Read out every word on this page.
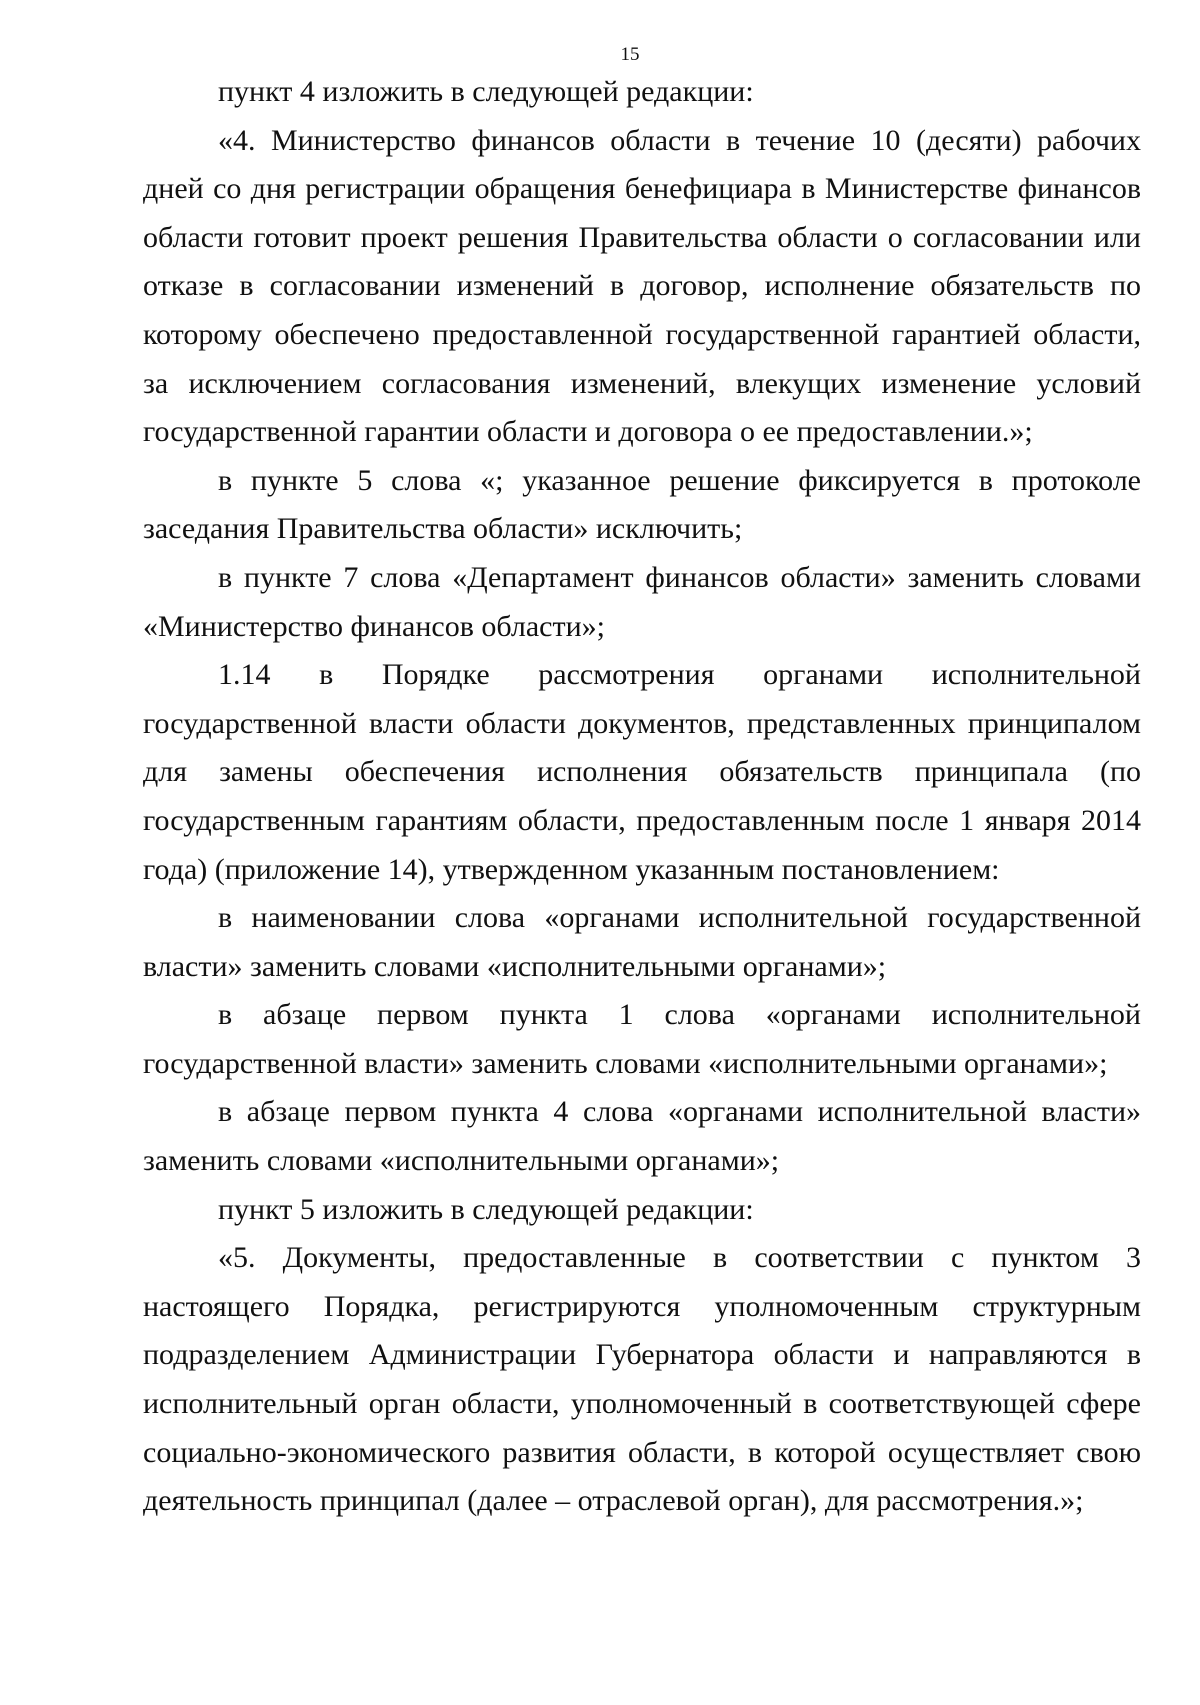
15

пункт 4 изложить в следующей редакции:

«4. Министерство финансов области в течение 10 (десяти) рабочих дней со дня регистрации обращения бенефициара в Министерстве финансов области готовит проект решения Правительства области о согласовании или отказе в согласовании изменений в договор, исполнение обязательств по которому обеспечено предоставленной государственной гарантией области, за исключением согласования изменений, влекущих изменение условий государственной гарантии области и договора о ее предоставлении.»;

в пункте 5 слова «; указанное решение фиксируется в протоколе заседания Правительства области» исключить;

в пункте 7 слова «Департамент финансов области» заменить словами «Министерство финансов области»;

1.14 в Порядке рассмотрения органами исполнительной государственной власти области документов, представленных принципалом для замены обеспечения исполнения обязательств принципала (по государственным гарантиям области, предоставленным после 1 января 2014 года) (приложение 14), утвержденном указанным постановлением:

в наименовании слова «органами исполнительной государственной власти» заменить словами «исполнительными органами»;

в абзаце первом пункта 1 слова «органами исполнительной государственной власти» заменить словами «исполнительными органами»;

в абзаце первом пункта 4 слова «органами исполнительной власти» заменить словами «исполнительными органами»;

пункт 5 изложить в следующей редакции:

«5. Документы, предоставленные в соответствии с пунктом 3 настоящего Порядка, регистрируются уполномоченным структурным подразделением Администрации Губернатора области и направляются в исполнительный орган области, уполномоченный в соответствующей сфере социально-экономического развития области, в которой осуществляет свою деятельность принципал (далее – отраслевой орган), для рассмотрения.»;
